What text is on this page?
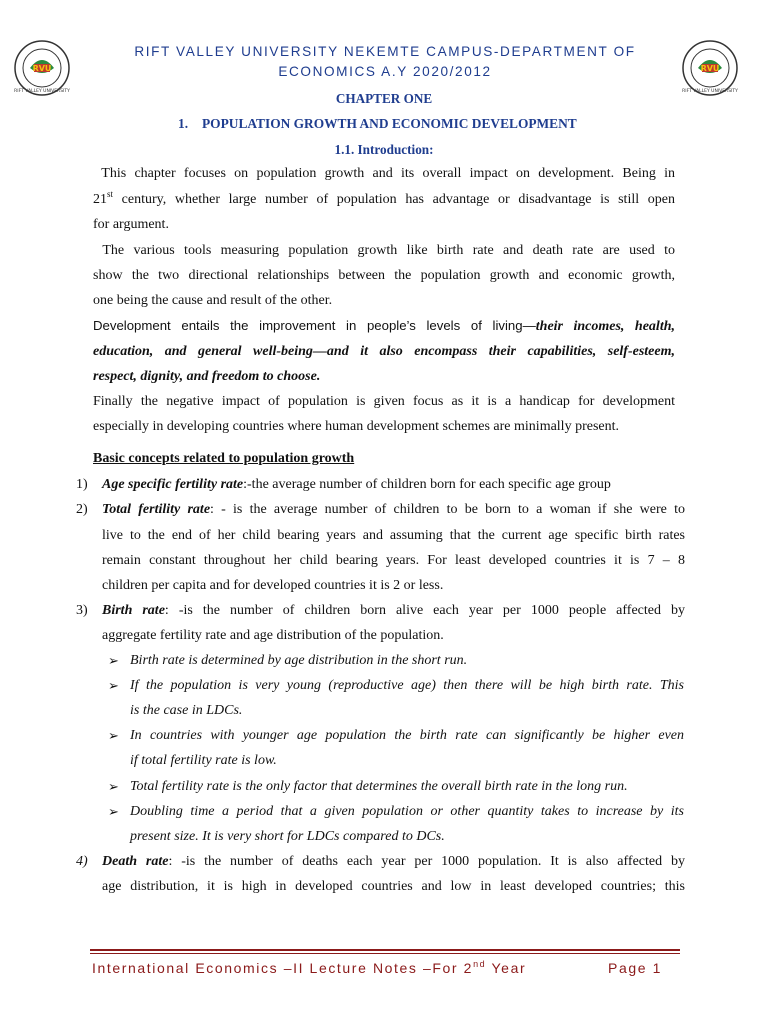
RVU
RIFT VALLEY UNIVERSITY
RVU
RIFT VALLEY UNIVERSITY
RIFT VALLEY UNIVERSITY NEKEMTE CAMPUS-DEPARTMENT OF
ECONOMICS A.Y 2020/2012
CHAPTER ONE
1. POPULATION GROWTH AND ECONOMIC DEVELOPMENT
1.1. Introduction:
This chapter focuses on population growth and its overall impact on development. Being in
21st century, whether large number of population has advantage or disadvantage is still open
for argument.
The various tools measuring population growth like birth rate and death rate are used to
show the two directional relationships between the population growth and economic growth,
one being the cause and result of the other.
Development entails the improvement in people’s levels of living—their incomes, health,
education, and general well-being—and it also encompass their capabilities, self-esteem,
respect, dignity, and freedom to choose.
Finally the negative impact of population is given focus as it is a handicap for development
especially in developing countries where human development schemes are minimally present.
Basic concepts related to population growth
1) Age specific fertility rate:-the average number of children born for each specific age group
2) Total fertility rate: - is the average number of children to be born to a woman if she were to
live to the end of her child bearing years and assuming that the current age specific birth rates
remain constant throughout her child bearing years. For least developed countries it is 7 – 8
children per capita and for developed countries it is 2 or less.
3) Birth rate: -is the number of children born alive each year per 1000 people affected by
aggregate fertility rate and age distribution of the population.
➢ Birth rate is determined by age distribution in the short run.
➢ If the population is very young (reproductive age) then there will be high birth rate. This
is the case in LDCs.
➢ In countries with younger age population the birth rate can significantly be higher even
if total fertility rate is low.
➢ Total fertility rate is the only factor that determines the overall birth rate in the long run.
➢ Doubling time a period that a given population or other quantity takes to increase by its
present size. It is very short for LDCs compared to DCs.
4) Death rate: -is the number of deaths each year per 1000 population. It is also affected by
age distribution, it is high in developed countries and low in least developed countries; this
International Economics –II Lecture Notes –For 2nd Year	Page 1
